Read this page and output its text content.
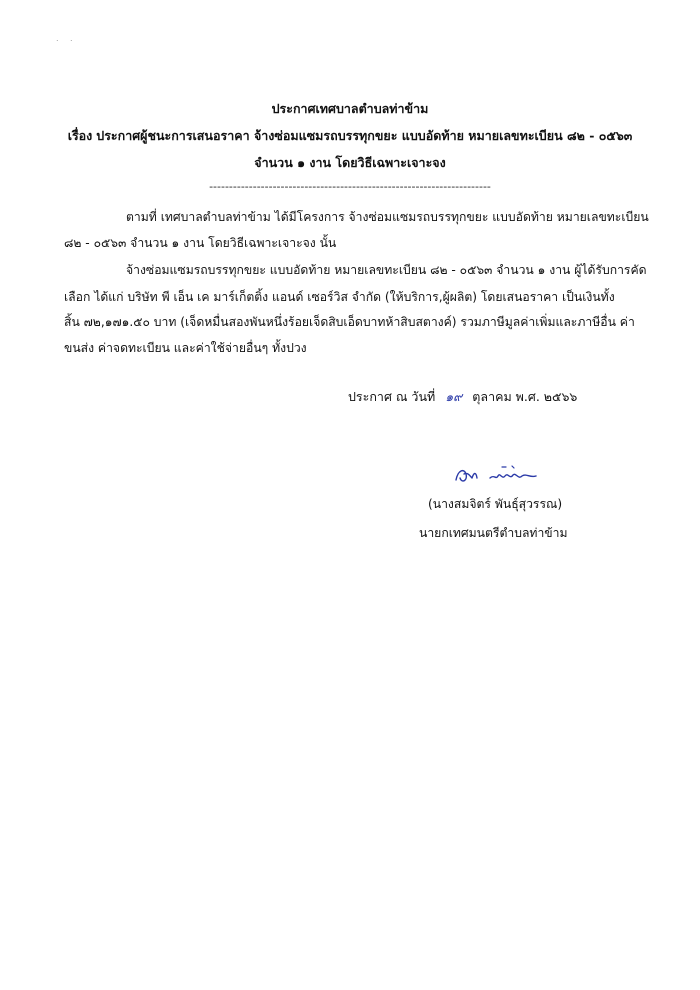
. .
ประกาศเทศบาลตำบลท่าข้าม
เรื่อง ประกาศผู้ชนะการเสนอราคา จ้างซ่อมแซมรถบรรทุกขยะ แบบอัดท้าย หมายเลขทะเบียน ๘๒ - ๐๕๖๓
จำนวน ๑ งาน โดยวิธีเฉพาะเจาะจง
-----------------------------------------------------------------------
ตามที่ เทศบาลตำบลท่าข้าม ได้มีโครงการ จ้างซ่อมแซมรถบรรทุกขยะ แบบอัดท้าย หมายเลขทะเบียน
๘๒ - ๐๕๖๓ จำนวน ๑ งาน โดยวิธีเฉพาะเจาะจง นั้น
จ้างซ่อมแซมรถบรรทุกขยะ แบบอัดท้าย หมายเลขทะเบียน ๘๒ - ๐๕๖๓ จำนวน ๑ งาน ผู้ได้รับการคัด
เลือก ได้แก่ บริษัท พี เอ็น เค มาร์เก็ตติ้ง แอนด์ เซอร์วิส จำกัด (ให้บริการ,ผู้ผลิต) โดยเสนอราคา เป็นเงินทั้ง
สิ้น ๗๒,๑๗๑.๕๐ บาท (เจ็ดหมื่นสองพันหนึ่งร้อยเจ็ดสิบเอ็ดบาทห้าสิบสตางค์) รวมภาษีมูลค่าเพิ่มและภาษีอื่น ค่า
ขนส่ง ค่าจดทะเบียน และค่าใช้จ่ายอื่นๆ ทั้งปวง
ประกาศ ณ วันที่ ๑๙ ตุลาคม พ.ศ. ๒๕๖๖
(นางสมจิตร์ พันธุ์สุวรรณ)
นายกเทศมนตรีตำบลท่าข้าม
